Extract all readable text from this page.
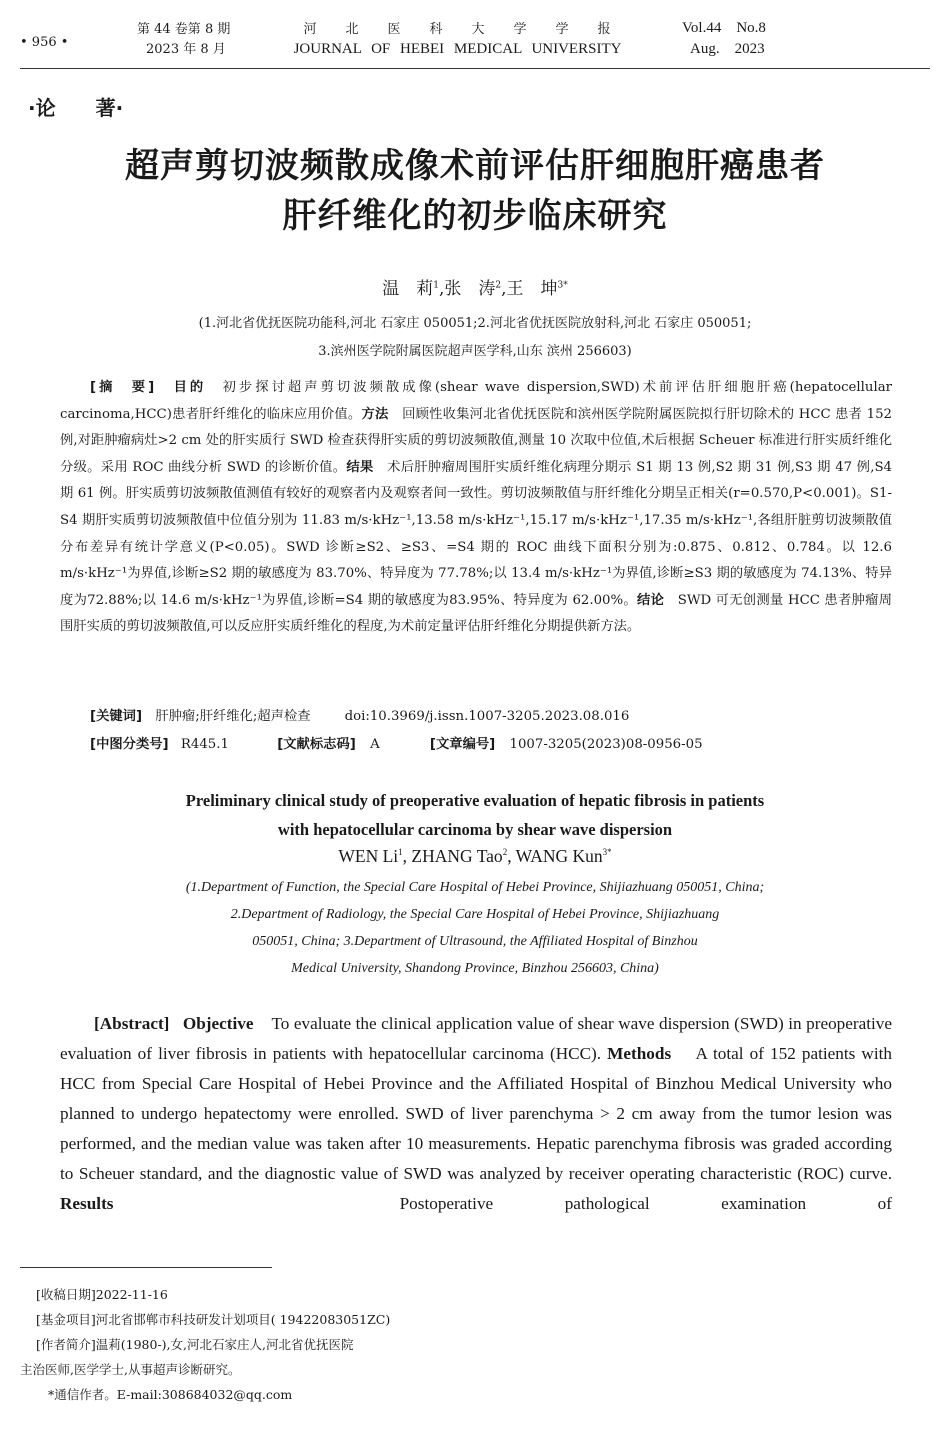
• 956 •
第 44 卷第 8 期
2023 年 8 月
河　　北　　医　　科　　大　　学　　学　　报
JOURNAL OF HEBEI MEDICAL UNIVERSITY
Vol.44　No.8
Aug.　2023
·论　　著·
超声剪切波频散成像术前评估肝细胞肝癌患者
肝纤维化的初步临床研究
温　莉$^1$,张　涛$^2$,王　坤$^{3*}$
(1.河北省优抚医院功能科,河北 石家庄 050051;2.河北省优抚医院放射科,河北 石家庄 050051;
3.滨州医学院附属医院超声医学科,山东 滨州 256603)
[摘　要]　 目的　 初步探讨超声剪切波频散成像(shear wave dispersion,SWD)术前评估肝细胞肝癌(hepatocellular carcinoma,HCC)患者肝纤维化的临床应用价值。方法　 回顾性收集河北省优抚医院和滨州医学院附属医院拟行肝切除术的 HCC 患者 152 例,对距肿瘤病灶>2 cm 处的肝实质行 SWD 检查获得肝实质的剪切波频散值,测量 10 次取中位值,术后根据 Scheuer 标准进行肝实质纤维化分级。采用 ROC 曲线分析 SWD 的诊断价值。结果　 术后肝肿瘤周围肝实质纤维化病理分期示 S1 期 13 例,S2 期 31 例,S3 期 47 例,S4 期 61 例。肝实质剪切波频散值测值有较好的观察者内及观察者间一致性。剪切波频散值与肝纤维化分期呈正相关(r=0.570,P<0.001)。S1-S4 期肝实质剪切波频散值中位值分别为 11.83 m/s·kHz⁻¹,13.58 m/s·kHz⁻¹,15.17 m/s·kHz⁻¹,17.35 m/s·kHz⁻¹,各组肝脏剪切波频散值分布差异有统计学意义(P<0.05)。SWD 诊断≥S2、≥S3、=S4 期的 ROC 曲线下面积分别为:0.875、0.812、0.784。以 12.6 m/s·kHz⁻¹为界值,诊断≥S2 期的敏感度为 83.70%、特异度为 77.78%;以 13.4 m/s·kHz⁻¹为界值,诊断≥S3 期的敏感度为 74.13%、特异度为72.88%;以 14.6 m/s·kHz⁻¹为界值,诊断=S4 期的敏感度为83.95%、特异度为 62.00%。结论　 SWD 可无创测量 HCC 患者肿瘤周围肝实质的剪切波频散值,可以反应肝实质纤维化的程度,为术前定量评估肝纤维化分期提供新方法。
[关键词]　 肝肿瘤;肝纤维化;超声检查	doi:10.3969/j.issn.1007-3205.2023.08.016
[中图分类号] R445.1	[文献标志码] A	[文章编号] 1007-3205(2023)08-0956-05
Preliminary clinical study of preoperative evaluation of hepatic fibrosis in patients
with hepatocellular carcinoma by shear wave dispersion
WEN Li$^1$, ZHANG Tao$^2$, WANG Kun$^{3*}$
(1.Department of Function, the Special Care Hospital of Hebei Province, Shijiazhuang 050051, China;
2.Department of Radiology, the Special Care Hospital of Hebei Province, Shijiazhuang
050051, China; 3.Department of Ultrasound, the Affiliated Hospital of Binzhou
Medical University, Shandong Province, Binzhou 256603, China)
[Abstract] Objective To evaluate the clinical application value of shear wave dispersion (SWD) in preoperative evaluation of liver fibrosis in patients with hepatocellular carcinoma (HCC). Methods A total of 152 patients with HCC from Special Care Hospital of Hebei Province and the Affiliated Hospital of Binzhou Medical University who planned to undergo hepatectomy were enrolled. SWD of liver parenchyma > 2 cm away from the tumor lesion was performed, and the median value was taken after 10 measurements. Hepatic parenchyma fibrosis was graded according to Scheuer standard, and the diagnostic value of SWD was analyzed by receiver operating characteristic (ROC) curve. Results	Postoperative pathological examination of
[收稿日期]2022-11-16
[基金项目]河北省邯郸市科技研发计划项目( 19422083051ZC)
[作者简介]温莉(1980-),女,河北石家庄人,河北省优抚医院
主治医师,医学学士,从事超声诊断研究。
*通信作者。E-mail:308684032@qq.com
